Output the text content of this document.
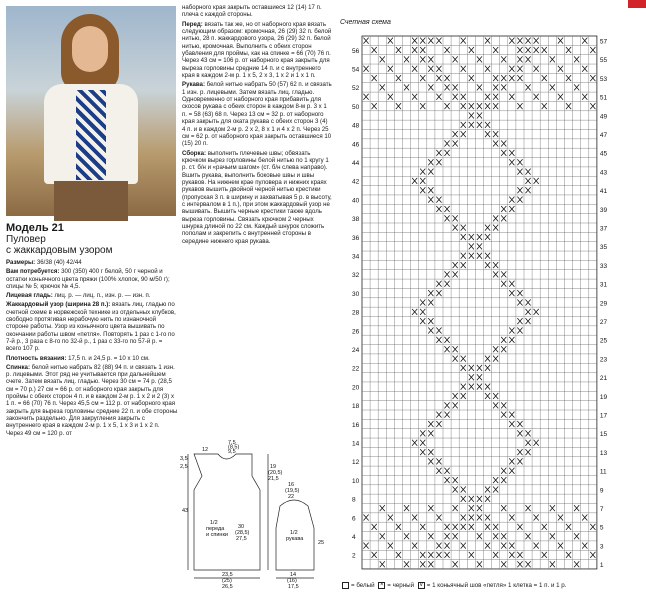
Модель 21
Пуловер
с жаккардовым узором
Размеры: 36/38 (40) 42/44
Вам потребуется: 300 (350) 400 г белой, 50 г черной и остатки коньячного цвета пряжи (100% хлопок, 90 м/50 г); спицы № 5; крючок № 4,5.
Лицевая гладь: лиц. р. — лиц. п., изн. р. — изн. п.
Жаккардовый узор (ширина 28 п.): вязать лиц. гладью по счетной схеме в норвежской технике из отдельных клубков, свободно протягивая нерабочую нить по изнаночной стороне работы. Узор из коньячного цвета вышивать по окончании работы швом «петля». Повторять 1 раз с 1-го по 7-й р., 3 раза с 8-го по 32-й р., 1 раз с 33-го по 57-й р. = всего 107 р.
Плотность вязания: 17,5 п. и 24,5 р. = 10 х 10 см.
Спинка: белой нитью набрать 82 (88) 94 п. и связать 1 изн. р. лицевыми. Этот ряд не учитывается при дальнейшем счете. Затем вязать лиц. гладью. Через 30 см = 74 р. (28,5 см = 70 р.) 27 см = 66 р. от наборного края закрыть для проймы с обеих сторон 4 п. и в каждом 2-м р. 1 х 2 и 2 (3) х 1 п. = 66 (70) 76 п. Через 45,5 см = 112 р. от наборного края закрыть для выреза горловины средние 22 п. и обе стороны закончить раздельно. Для закругления закрыть с внутреннего края в каждом 2-м р. 1 х 5, 1 х 3 и 1 х 2 п. Через 49 см = 120 р. от
наборного края закрыть оставшиеся 12 (14) 17 п. плеча с каждой стороны.
Перед: вязать так же, но от наборного края вязать следующим образом: кромочная, 26 (29) 32 п. белой нитью, 28 п. жаккардового узора, 26 (29) 32 п. белой нитью, кромочная. Выполнить с обеих сторон убавления для проймы, как на спинке = 66 (70) 76 п. Через 43 см = 106 р. от наборного края закрыть для выреза горловины средние 14 п. и с внутреннего края в каждом 2-м р. 1 х 5, 2 х 3, 1 х 2 и 1 х 1 п.
Рукава: белой нитью набрать 50 (57) 62 п. и связать 1 изн. р. лицевыми. Затем вязать лиц. гладью. Одновременно от наборного края прибавить для скосов рукава с обеих сторон в каждом 8-м р. 3 х 1 п. = 58 (63) 68 п. Через 13 см = 32 р. от наборного края закрыть для оката рукава с обеих сторон 3 (4) 4 п. и в каждом 2-м р. 2 х 2, 8 х 1 и 4 х 2 п. Через 25 см = 62 р. от наборного края закрыть оставшиеся 10 (15) 20 п.
Сборка: выполнить плечевые швы; обвязать крючком вырез горловины белой нитью по 1 кругу 1 р. ст. б/н и «рачьим шагом» (ст. б/н слева направо). Вшить рукава, выполнить боковые швы и швы рукавов. На нижнем крае пуловера и нижних краях рукавов вышить двойной черной нитью крестики (пропуская 3 п. в ширину и захватывая 5 р. в высоту, с интервалом в 1 п.), при этом жаккардовый узор не вышивать. Вышить черные крестики также вдоль выреза горловины. Связать крючком 2 черных шнурка длиной по 22 см. Каждый шнурок сложить пополам и закрепить с внутренней стороны в середине нижнего края рукава.
12
7,5
(8,5)
9,5
3,5
2,5
43
19
(20,5)
21,5
30
(28,5)
27,5
1/2
переда
и спинки
23,5
(25)
26,5
16
(19,5)
22
1/2
рукава
25
14
(16)
17,5
Счетная схема
1
2
3
4
5
6
7
8
9
10
11
12
13
14
15
16
17
18
19
20
21
22
23
24
25
26
27
28
29
30
31
32
33
34
35
36
37
38
39
40
41
42
43
44
45
46
47
48
49
50
51
52
53
54
55
56
57
= белый × = черный v = 1 коньячный шов «петля» 1 клетка = 1 п. и 1 р.
